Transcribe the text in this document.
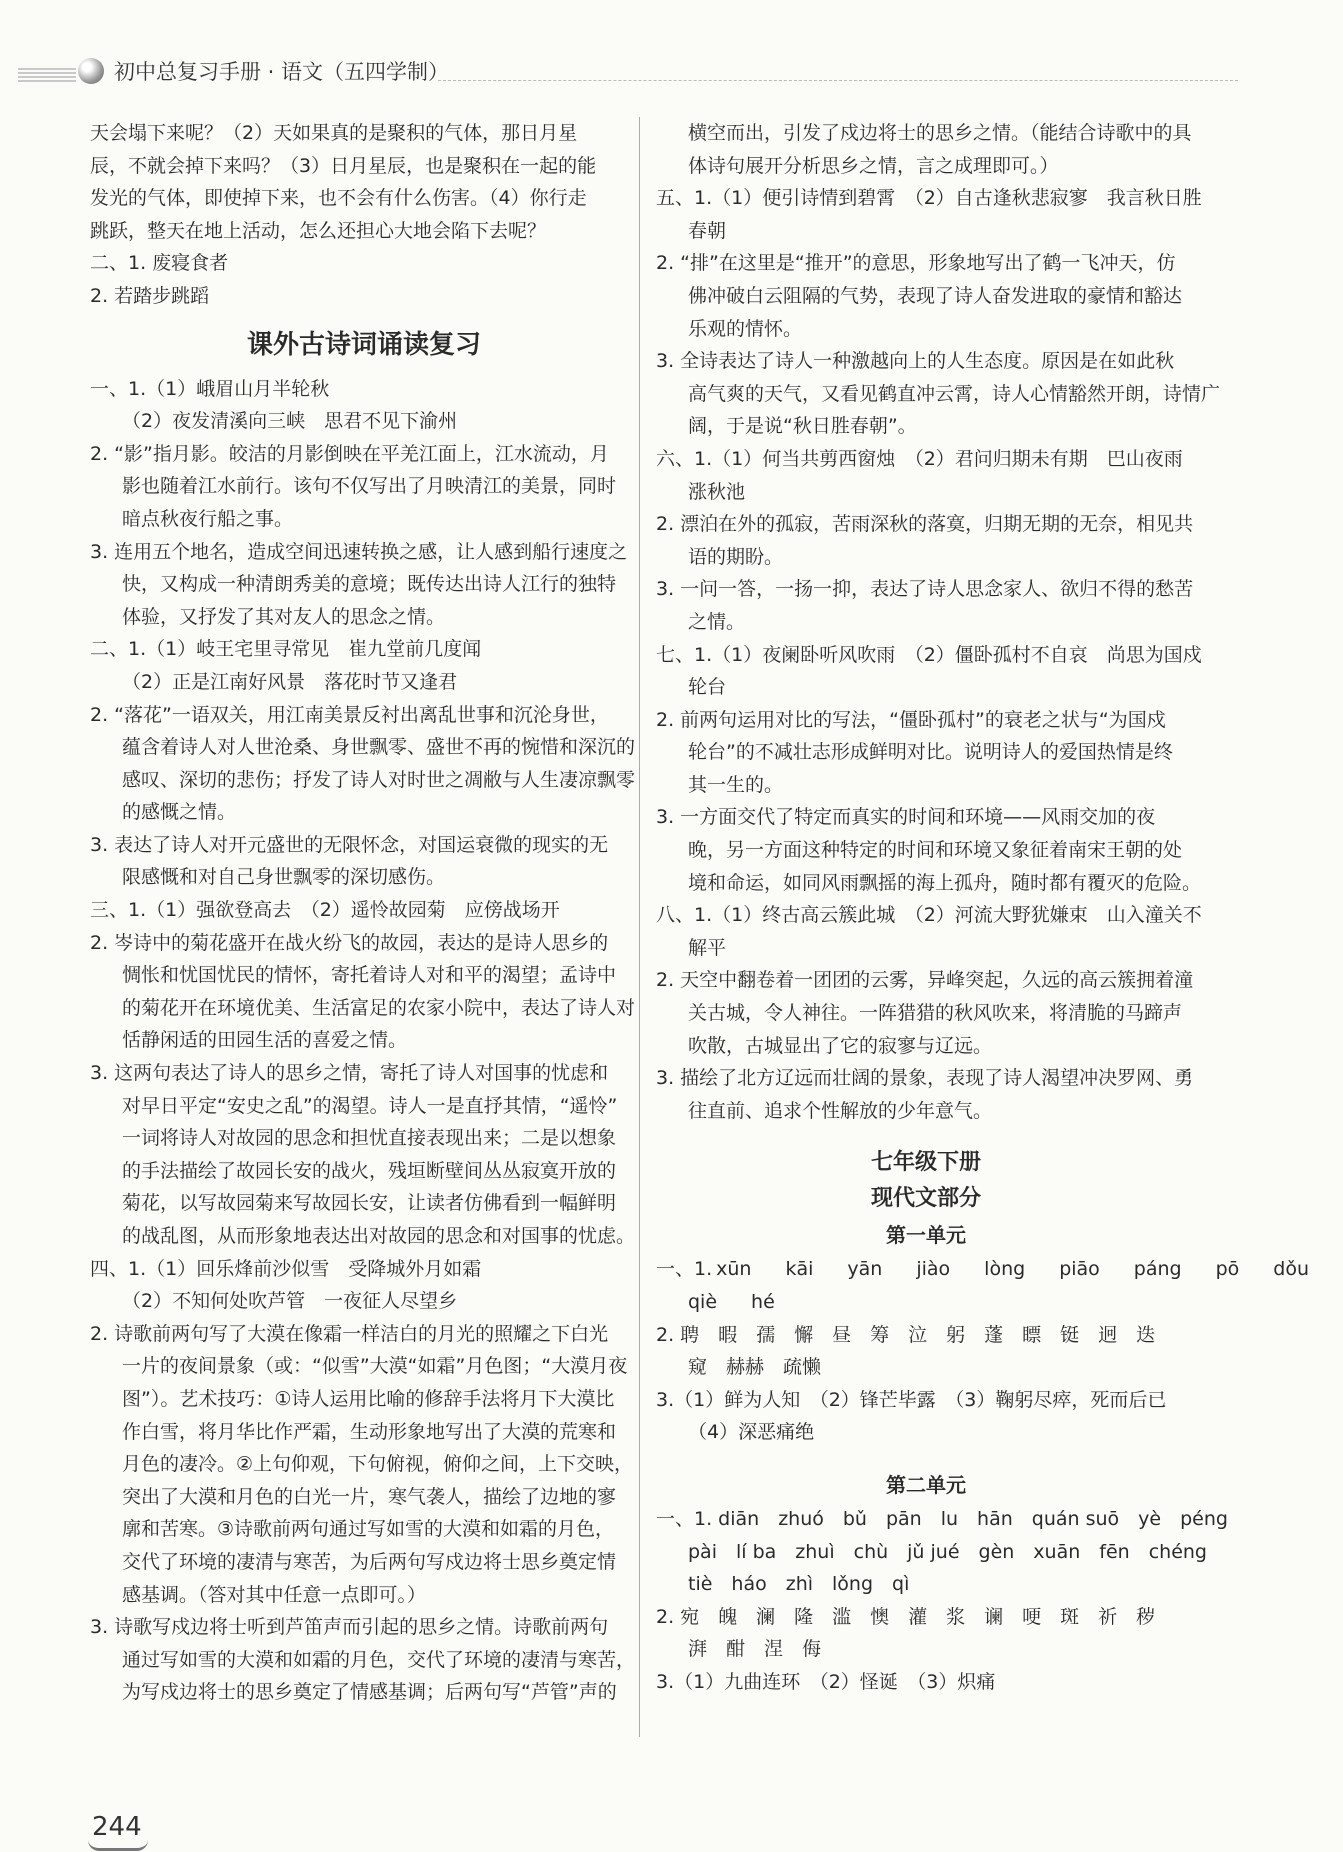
初中总复习手册 · 语文（五四学制）
天会塌下来呢？（2）天如果真的是聚积的气体，那日月星
辰，不就会掉下来吗？（3）日月星辰，也是聚积在一起的能
发光的气体，即使掉下来，也不会有什么伤害。（4）你行走
跳跃，整天在地上活动，怎么还担心大地会陷下去呢？
二、1. 废寝食者
2. 若踏步跳蹈
课外古诗词诵读复习
一、1.（1）峨眉山月半轮秋
（2）夜发清溪向三峡　思君不见下渝州
2. “影”指月影。皎洁的月影倒映在平羌江面上，江水流动，月
影也随着江水前行。该句不仅写出了月映清江的美景，同时
暗点秋夜行船之事。
3. 连用五个地名，造成空间迅速转换之感，让人感到船行速度之
快，又构成一种清朗秀美的意境；既传达出诗人江行的独特
体验，又抒发了其对友人的思念之情。
二、1.（1）岐王宅里寻常见　崔九堂前几度闻
（2）正是江南好风景　落花时节又逢君
2. “落花”一语双关，用江南美景反衬出离乱世事和沉沦身世，
蕴含着诗人对人世沧桑、身世飘零、盛世不再的惋惜和深沉的
感叹、深切的悲伤；抒发了诗人对时世之凋敝与人生凄凉飘零
的感慨之情。
3. 表达了诗人对开元盛世的无限怀念，对国运衰微的现实的无
限感慨和对自己身世飘零的深切感伤。
三、1.（1）强欲登高去　（2）遥怜故园菊　应傍战场开
2. 岑诗中的菊花盛开在战火纷飞的故园，表达的是诗人思乡的
惆怅和忧国忧民的情怀，寄托着诗人对和平的渴望；孟诗中
的菊花开在环境优美、生活富足的农家小院中，表达了诗人对
恬静闲适的田园生活的喜爱之情。
3. 这两句表达了诗人的思乡之情，寄托了诗人对国事的忧虑和
对早日平定“安史之乱”的渴望。诗人一是直抒其情，“遥怜”
一词将诗人对故园的思念和担忧直接表现出来；二是以想象
的手法描绘了故园长安的战火，残垣断壁间丛丛寂寞开放的
菊花，以写故园菊来写故园长安，让读者仿佛看到一幅鲜明
的战乱图，从而形象地表达出对故园的思念和对国事的忧虑。
四、1.（1）回乐烽前沙似雪　受降城外月如霜
（2）不知何处吹芦管　一夜征人尽望乡
2. 诗歌前两句写了大漠在像霜一样洁白的月光的照耀之下白光
一片的夜间景象（或：“似雪”大漠“如霜”月色图；“大漠月夜
图”）。艺术技巧：①诗人运用比喻的修辞手法将月下大漠比
作白雪，将月华比作严霜，生动形象地写出了大漠的荒寒和
月色的凄冷。②上句仰观，下句俯视，俯仰之间，上下交映，
突出了大漠和月色的白光一片，寒气袭人，描绘了边地的寥
廓和苦寒。③诗歌前两句通过写如雪的大漠和如霜的月色，
交代了环境的凄清与寒苦，为后两句写戍边将士思乡奠定情
感基调。（答对其中任意一点即可。）
3. 诗歌写戍边将士听到芦笛声而引起的思乡之情。诗歌前两句
通过写如雪的大漠和如霜的月色，交代了环境的凄清与寒苦，
为写戍边将士的思乡奠定了情感基调；后两句写“芦管”声的
横空而出，引发了戍边将士的思乡之情。（能结合诗歌中的具
体诗句展开分析思乡之情，言之成理即可。）
五、1.（1）便引诗情到碧霄　（2）自古逢秋悲寂寥　我言秋日胜
春朝
2. “排”在这里是“推开”的意思，形象地写出了鹤一飞冲天，仿
佛冲破白云阻隔的气势，表现了诗人奋发进取的豪情和豁达
乐观的情怀。
3. 全诗表达了诗人一种激越向上的人生态度。原因是在如此秋
高气爽的天气，又看见鹤直冲云霄，诗人心情豁然开朗，诗情广
阔，于是说“秋日胜春朝”。
六、1.（1）何当共剪西窗烛　（2）君问归期未有期　巴山夜雨
涨秋池
2. 漂泊在外的孤寂，苦雨深秋的落寞，归期无期的无奈，相见共
语的期盼。
3. 一问一答，一扬一抑，表达了诗人思念家人、欲归不得的愁苦
之情。
七、1.（1）夜阑卧听风吹雨　（2）僵卧孤村不自哀　尚思为国戍
轮台
2. 前两句运用对比的写法，“僵卧孤村”的衰老之状与“为国戍
轮台”的不减壮志形成鲜明对比。说明诗人的爱国热情是终
其一生的。
3. 一方面交代了特定而真实的时间和环境——风雨交加的夜
晚，另一方面这种特定的时间和环境又象征着南宋王朝的处
境和命运，如同风雨飘摇的海上孤舟，随时都有覆灭的危险。
八、1.（1）终古高云簇此城　（2）河流大野犹嫌束　山入潼关不
解平
2. 天空中翻卷着一团团的云雾，异峰突起，久远的高云簇拥着潼
关古城，令人神往。一阵猎猎的秋风吹来，将清脆的马蹄声
吹散，古城显出了它的寂寥与辽远。
3. 描绘了北方辽远而壮阔的景象，表现了诗人渴望冲决罗网、勇
往直前、追求个性解放的少年意气。
七年级下册
现代文部分
第一单元
一、1. xūn kāi yān jiào lòng piāo páng pō dǒu
qiè hé
2. 聘　暇　孺　懈　昼　筹　泣　躬　蓬　瞟　铤　迥　迭
窥　赫赫　疏懒
3.（1）鲜为人知　（2）锋芒毕露　（3）鞠躬尽瘁，死而后已
（4）深恶痛绝
第二单元
一、1. diān　zhuó　bǔ　pān　lu　hān　quán suō　yè　péng
pài　lí ba　zhuì　chù　jǔ jué　gèn　xuān　fēn　chéng
tiè　háo　zhì　lǒng　qì
2. 宛　魄　澜　隆　滥　懊　灌　浆　谰　哽　斑　祈　秽
湃　酣　涅　侮
3.（1）九曲连环　（2）怪诞　（3）炽痛
244
